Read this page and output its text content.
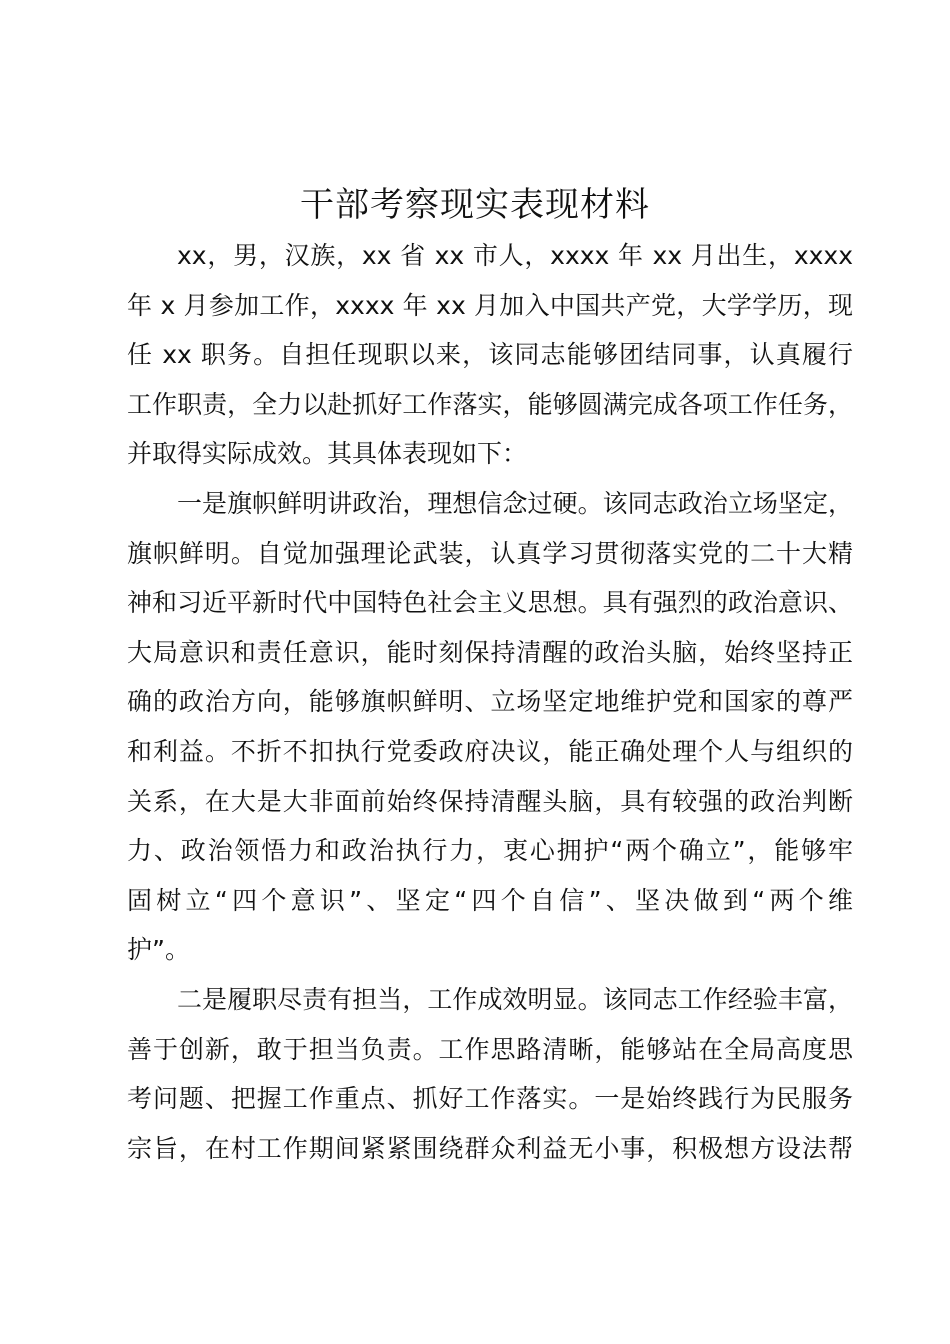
干部考察现实表现材料
xx，男，汉族，xx 省 xx 市人，xxxx 年 xx 月出生，xxxx
年 x 月参加工作，xxxx 年 xx 月加入中国共产党，大学学历，现
任 xx 职务。自担任现职以来，该同志能够团结同事，认真履行
工作职责，全力以赴抓好工作落实，能够圆满完成各项工作任务，
并取得实际成效。其具体表现如下：
一是旗帜鲜明讲政治，理想信念过硬。该同志政治立场坚定，
旗帜鲜明。自觉加强理论武装，认真学习贯彻落实党的二十大精
神和习近平新时代中国特色社会主义思想。具有强烈的政治意识、
大局意识和责任意识，能时刻保持清醒的政治头脑，始终坚持正
确的政治方向，能够旗帜鲜明、立场坚定地维护党和国家的尊严
和利益。不折不扣执行党委政府决议，能正确处理个人与组织的
关系，在大是大非面前始终保持清醒头脑，具有较强的政治判断
力、政治领悟力和政治执行力，衷心拥护“两个确立”，能够牢
固树立“四个意识”、坚定“四个自信”、坚决做到“两个维
护”。
二是履职尽责有担当，工作成效明显。该同志工作经验丰富，
善于创新，敢于担当负责。工作思路清晰，能够站在全局高度思
考问题、把握工作重点、抓好工作落实。一是始终践行为民服务
宗旨，在村工作期间紧紧围绕群众利益无小事，积极想方设法帮
